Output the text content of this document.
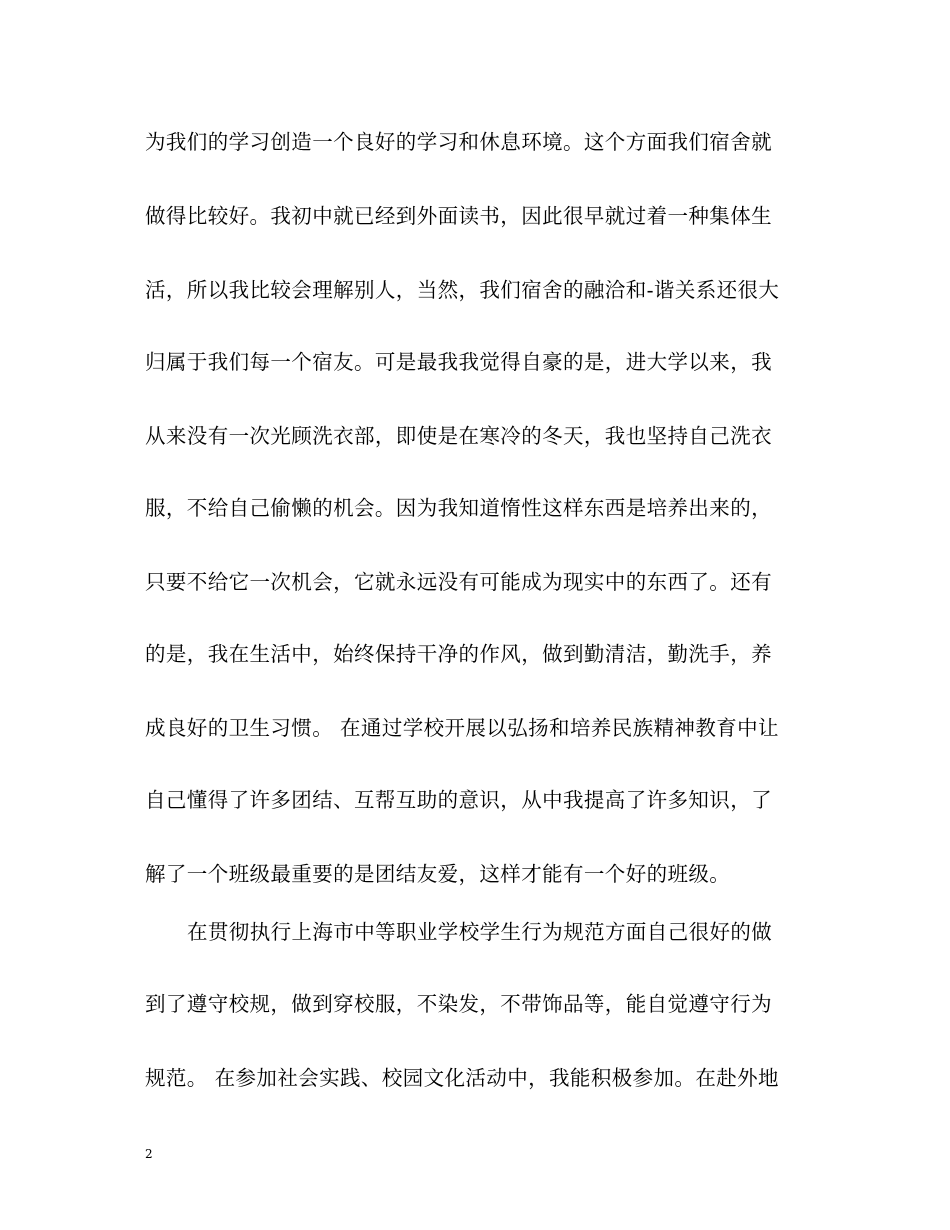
为我们的学习创造一个良好的学习和休息环境。这个方面我们宿舍就
做得比较好。我初中就已经到外面读书，因此很早就过着一种集体生
活，所以我比较会理解别人，当然，我们宿舍的融洽和-谐关系还很大
归属于我们每一个宿友。可是最我我觉得自豪的是，进大学以来，我
从来没有一次光顾洗衣部，即使是在寒冷的冬天，我也坚持自己洗衣
服，不给自己偷懒的机会。因为我知道惰性这样东西是培养出来的，
只要不给它一次机会，它就永远没有可能成为现实中的东西了。还有
的是，我在生活中，始终保持干净的作风，做到勤清洁，勤洗手，养
成良好的卫生习惯。 在通过学校开展以弘扬和培养民族精神教育中让
自己懂得了许多团结、互帮互助的意识，从中我提高了许多知识，了
解了一个班级最重要的是团结友爱，这样才能有一个好的班级。
在贯彻执行上海市中等职业学校学生行为规范方面自己很好的做
到了遵守校规，做到穿校服，不染发，不带饰品等，能自觉遵守行为
规范。 在参加社会实践、校园文化活动中，我能积极参加。在赴外地
2
